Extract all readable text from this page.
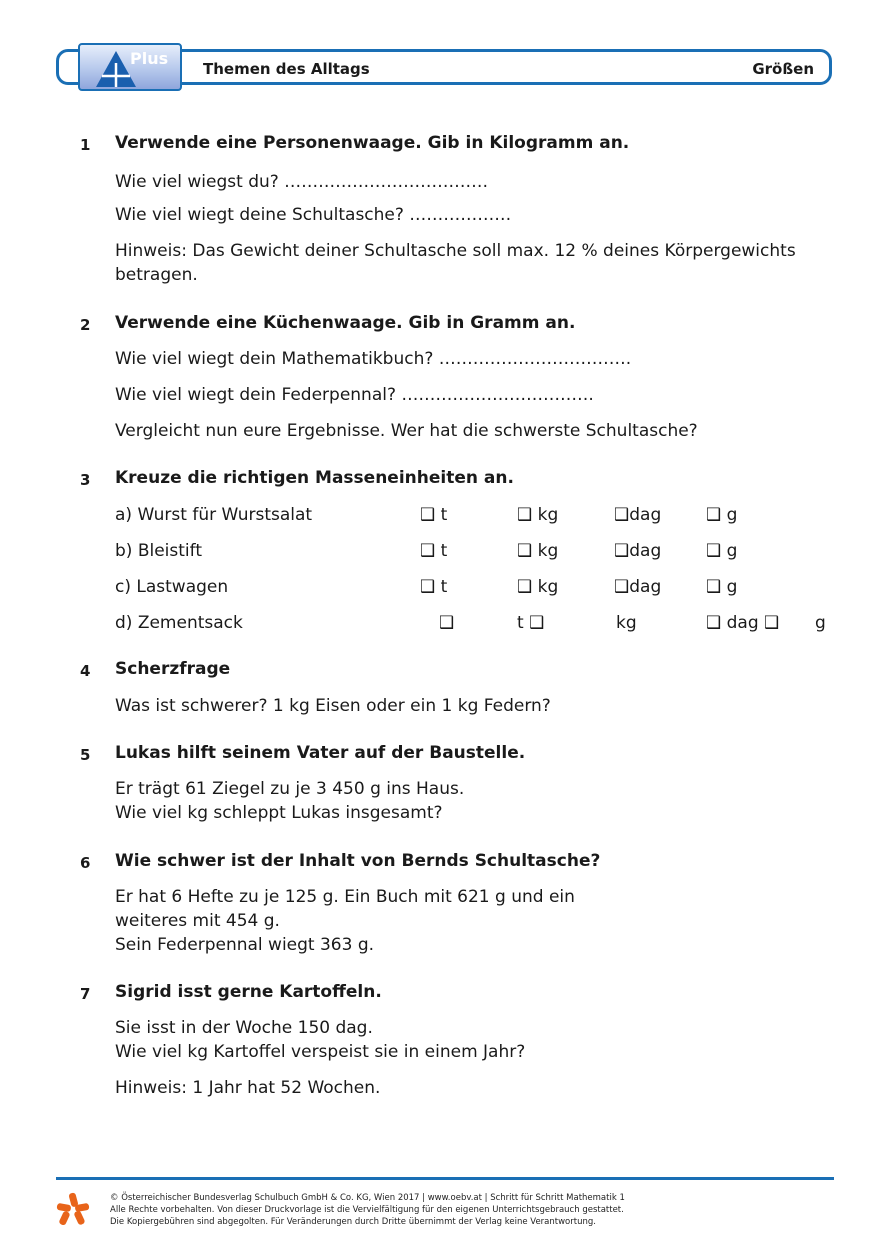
Plus
Themen des Alltags	Größen
1 Verwende eine Personenwaage. Gib in Kilogramm an.
Wie viel wiegst du? ………………………………
Wie viel wiegt deine Schultasche? ………………
Hinweis: Das Gewicht deiner Schultasche soll max. 12 % deines Körpergewichts
betragen.
2 Verwende eine Küchenwaage. Gib in Gramm an.
Wie viel wiegt dein Mathematikbuch? …………………………….
Wie viel wiegt dein Federpennal? …………………………….
Vergleicht nun eure Ergebnisse. Wer hat die schwerste Schultasche?
3 Kreuze die richtigen Masseneinheiten an.
a) Wurst für Wurstsalat	❑ t	❑ kg	❑dag	❑ g
b) Bleistift	❑ t	❑ kg	❑dag	❑ g
c) Lastwagen	❑ t	❑ kg	❑dag	❑ g
d) Zementsack	❑	t ❑	kg	❑ dag ❑ g
4 Scherzfrage
Was ist schwerer? 1 kg Eisen oder ein 1 kg Federn?
5 Lukas hilft seinem Vater auf der Baustelle.
Er trägt 61 Ziegel zu je 3 450 g ins Haus.
Wie viel kg schleppt Lukas insgesamt?
6 Wie schwer ist der Inhalt von Bernds Schultasche?
Er hat 6 Hefte zu je 125 g. Ein Buch mit 621 g und ein
weiteres mit 454 g.
Sein Federpennal wiegt 363 g.
7 Sigrid isst gerne Kartoffeln.
Sie isst in der Woche 150 dag.
Wie viel kg Kartoffel verspeist sie in einem Jahr?
Hinweis: 1 Jahr hat 52 Wochen.
© Österreichischer Bundesverlag Schulbuch GmbH & Co. KG, Wien 2017 | www.oebv.at | Schritt für Schritt Mathematik 1
Alle Rechte vorbehalten. Von dieser Druckvorlage ist die Vervielfältigung für den eigenen Unterrichtsgebrauch gestattet.
Die Kopiergebühren sind abgegolten. Für Veränderungen durch Dritte übernimmt der Verlag keine Verantwortung.
